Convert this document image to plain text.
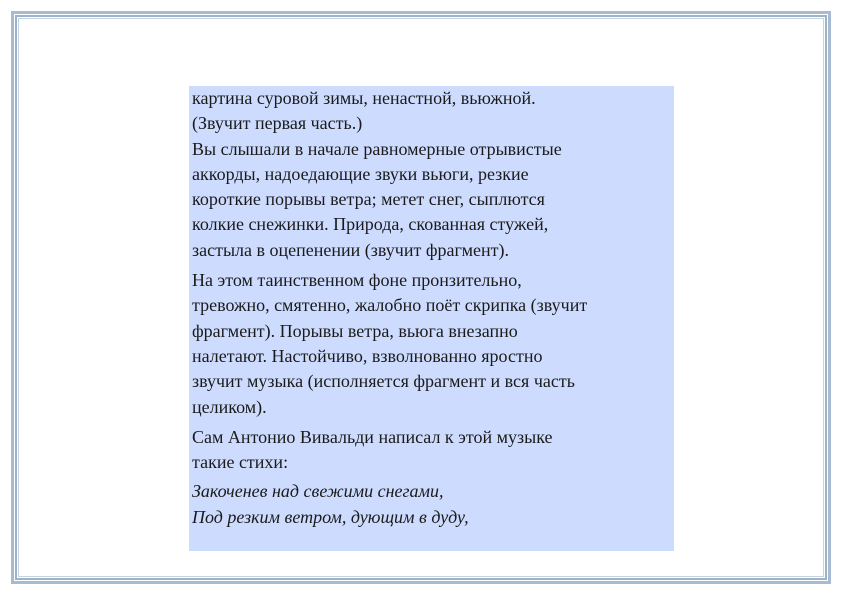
картина суровой зимы, ненастной, вьюжной.
(Звучит первая часть.)
Вы слышали в начале равномерные отрывистые
аккорды, надоедающие звуки вьюги, резкие
короткие порывы ветра; метет снег, сыплются
колкие снежинки. Природа, скованная стужей,
застыла в оцепенении (звучит фрагмент).

На этом таинственном фоне пронзительно,
тревожно, смятенно, жалобно поёт скрипка (звучит
фрагмент). Порывы ветра, вьюга внезапно
налетают. Настойчиво, взволнованно яростно
звучит музыка (исполняется фрагмент и вся часть
целиком).

Сам Антонио Вивальди написал к этой музыке
такие стихи:

Закоченев над свежими снегами,
Под резким ветром, дующим в дуду,
